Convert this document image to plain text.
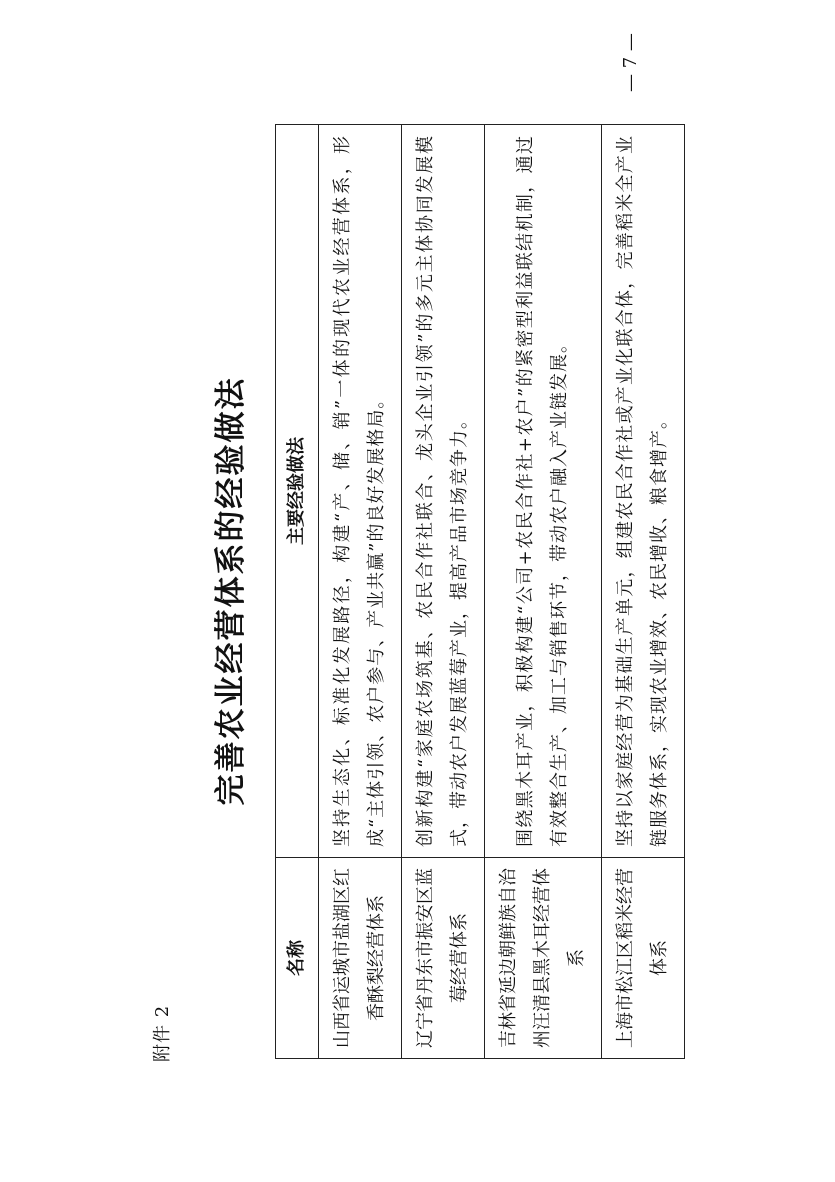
附件 2
完善农业经营体系的经验做法
名称	主要经验做法
山西省运城市盐湖区红香酥梨经营体系	坚持生态化、标准化发展路径，构建“产、储、销”一体的现代农业经营体系，形成“主体引领、农户参与、产业共赢”的良好发展格局。
辽宁省丹东市振安区蓝莓经营体系	创新构建“家庭农场筑基、农民合作社联合、龙头企业引领”的多元主体协同发展模式，带动农户发展蓝莓产业，提高产品市场竞争力。
吉林省延边朝鲜族自治州汪清县黑木耳经营体系	围绕黑木耳产业，积极构建“公司+农民合作社+农户”的紧密型利益联结机制，通过有效整合生产、加工与销售环节，带动农户融入产业链发展。
上海市松江区稻米经营体系	坚持以家庭经营为基础生产单元，组建农民合作社或产业化联合体，完善稻米全产业链服务体系，实现农业增效、农民增收、粮食增产。
— 7 —
